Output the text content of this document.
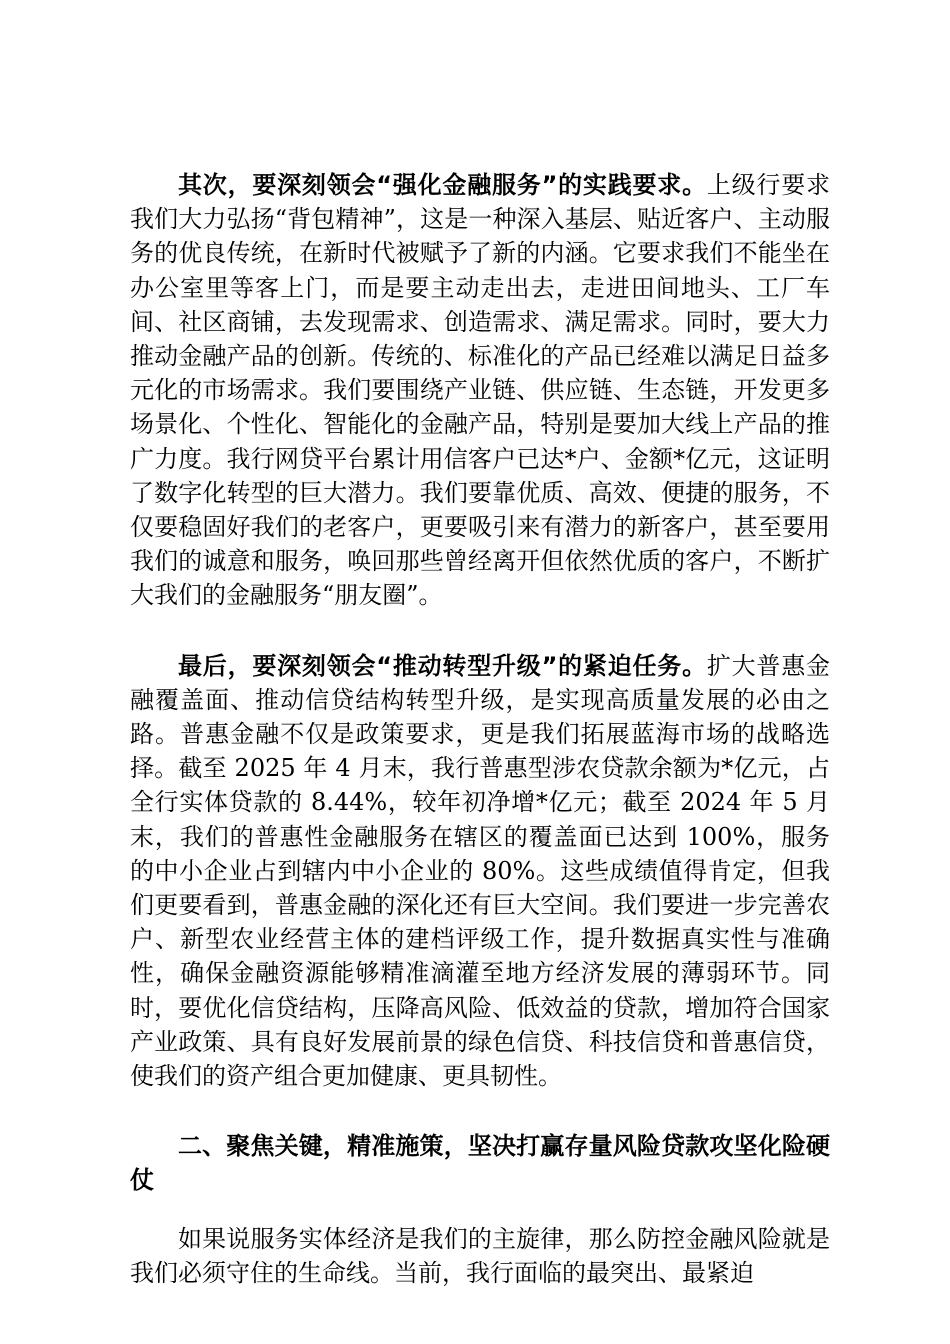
其次，要深刻领会“强化金融服务”的实践要求。上级行要求我们大力弘扬“背包精神”，这是一种深入基层、贴近客户、主动服务的优良传统，在新时代被赋予了新的内涵。它要求我们不能坐在办公室里等客上门，而是要主动走出去，走进田间地头、工厂车间、社区商铺，去发现需求、创造需求、满足需求。同时，要大力推动金融产品的创新。传统的、标准化的产品已经难以满足日益多元化的市场需求。我们要围绕产业链、供应链、生态链，开发更多场景化、个性化、智能化的金融产品，特别是要加大线上产品的推广力度。我行网贷平台累计用信客户已达*户、金额*亿元，这证明了数字化转型的巨大潜力。我们要靠优质、高效、便捷的服务，不仅要稳固好我们的老客户，更要吸引来有潜力的新客户，甚至要用我们的诚意和服务，唤回那些曾经离开但依然优质的客户，不断扩大我们的金融服务“朋友圈”。

最后，要深刻领会“推动转型升级”的紧迫任务。扩大普惠金融覆盖面、推动信贷结构转型升级，是实现高质量发展的必由之路。普惠金融不仅是政策要求，更是我们拓展蓝海市场的战略选择。截至 2025 年 4 月末，我行普惠型涉农贷款余额为*亿元，占全行实体贷款的 8.44%，较年初净增*亿元；截至 2024 年 5 月末，我们的普惠性金融服务在辖区的覆盖面已达到 100%，服务的中小企业占到辖内中小企业的 80%。这些成绩值得肯定，但我们更要看到，普惠金融的深化还有巨大空间。我们要进一步完善农户、新型农业经营主体的建档评级工作，提升数据真实性与准确性，确保金融资源能够精准滴灌至地方经济发展的薄弱环节。同时，要优化信贷结构，压降高风险、低效益的贷款，增加符合国家产业政策、具有良好发展前景的绿色信贷、科技信贷和普惠信贷，使我们的资产组合更加健康、更具韧性。

二、聚焦关键，精准施策，坚决打赢存量风险贷款攻坚化险硬仗

如果说服务实体经济是我们的主旋律，那么防控金融风险就是我们必须守住的生命线。当前，我行面临的最突出、最紧迫
